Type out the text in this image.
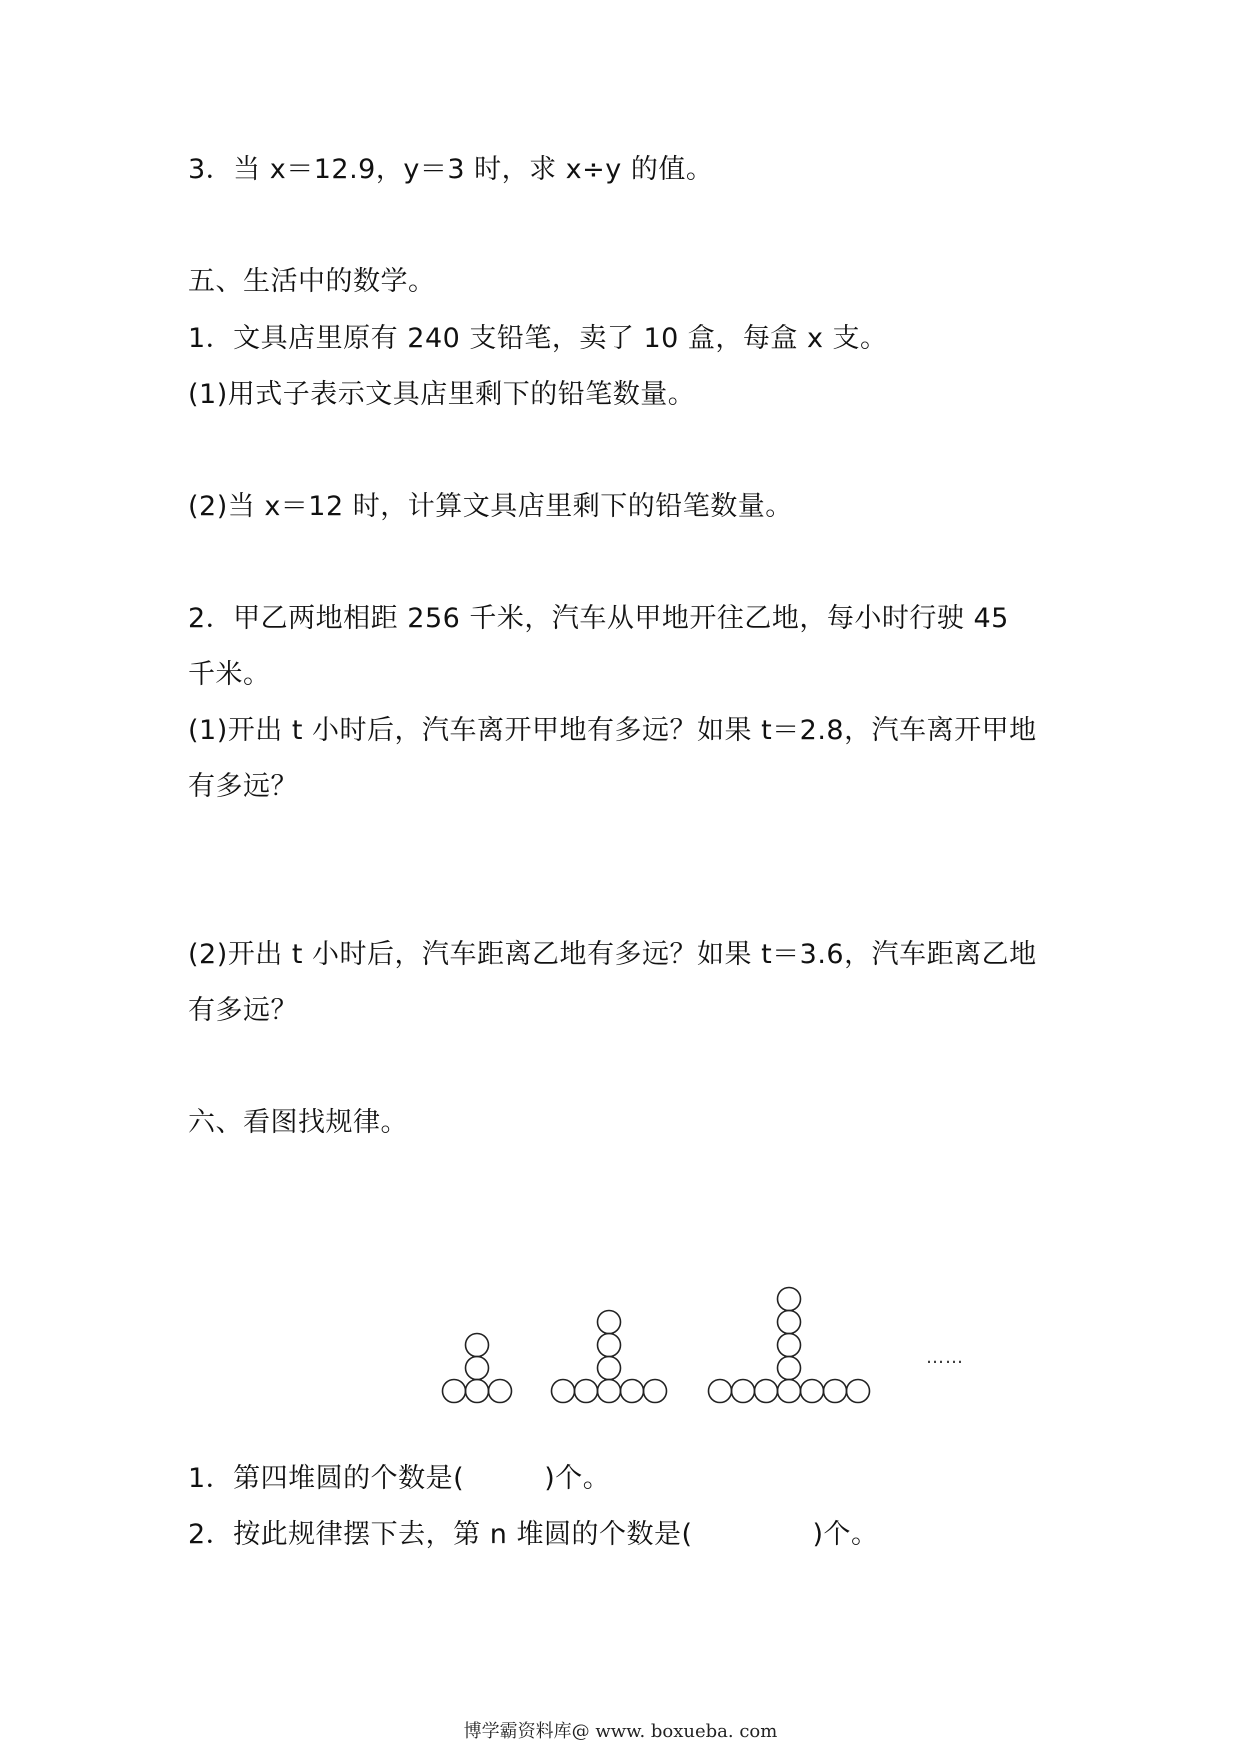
3．当 x＝12.9，y＝3 时，求 x÷y 的值。
五、生活中的数学。
1．文具店里原有 240 支铅笔，卖了 10 盒，每盒 x 支。
(1)用式子表示文具店里剩下的铅笔数量。
(2)当 x＝12 时，计算文具店里剩下的铅笔数量。
2．甲乙两地相距 256 千米，汽车从甲地开往乙地，每小时行驶 45
千米。
(1)开出 t 小时后，汽车离开甲地有多远？如果 t＝2.8，汽车离开甲地
有多远？
(2)开出 t 小时后，汽车距离乙地有多远？如果 t＝3.6，汽车距离乙地
有多远？
六、看图找规律。
……
1．第四堆圆的个数是(	)个。
2．按此规律摆下去，第 n 堆圆的个数是(	)个。
博学霸资料库@ www. boxueba. com
